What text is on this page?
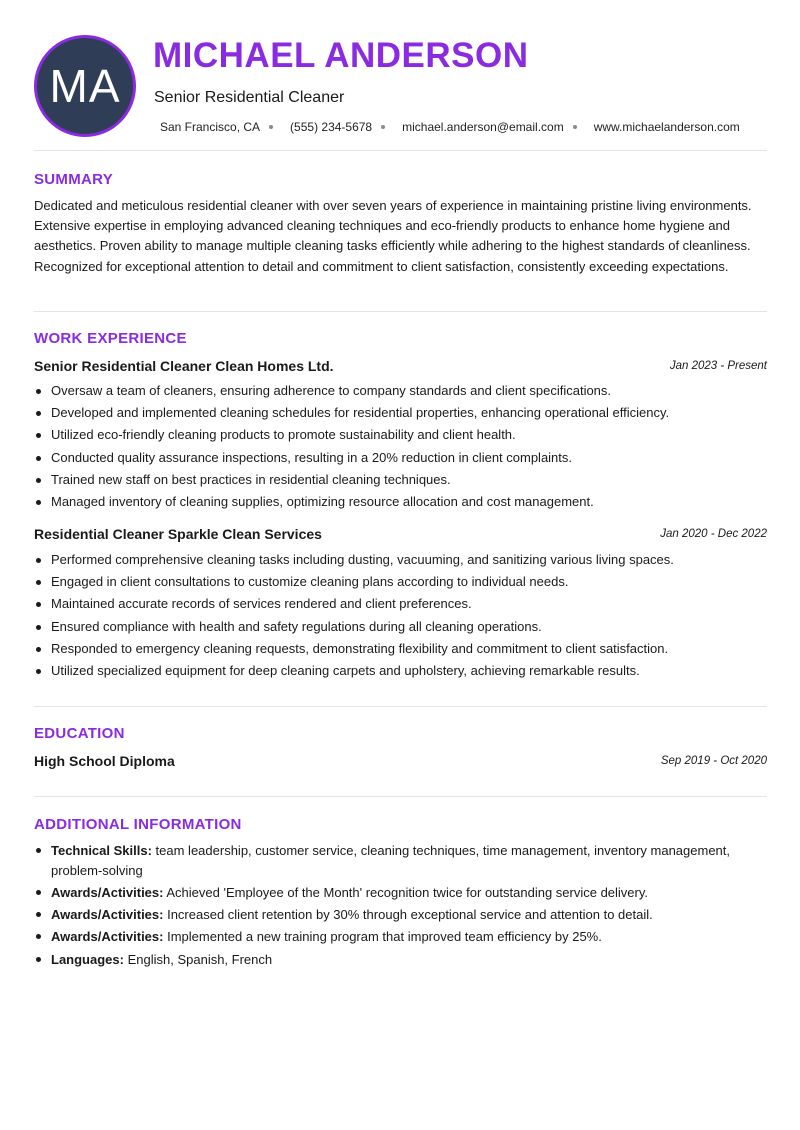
MA
MICHAEL ANDERSON
Senior Residential Cleaner
San Francisco, CA	(555) 234-5678	michael.anderson@email.com	www.michaelanderson.com
SUMMARY
Dedicated and meticulous residential cleaner with over seven years of experience in maintaining pristine living environments. Extensive expertise in employing advanced cleaning techniques and eco-friendly products to enhance home hygiene and aesthetics. Proven ability to manage multiple cleaning tasks efficiently while adhering to the highest standards of cleanliness. Recognized for exceptional attention to detail and commitment to client satisfaction, consistently exceeding expectations.
WORK EXPERIENCE
Senior Residential Cleaner Clean Homes Ltd.	Jan 2023 - Present
Oversaw a team of cleaners, ensuring adherence to company standards and client specifications.
Developed and implemented cleaning schedules for residential properties, enhancing operational efficiency.
Utilized eco-friendly cleaning products to promote sustainability and client health.
Conducted quality assurance inspections, resulting in a 20% reduction in client complaints.
Trained new staff on best practices in residential cleaning techniques.
Managed inventory of cleaning supplies, optimizing resource allocation and cost management.
Residential Cleaner Sparkle Clean Services	Jan 2020 - Dec 2022
Performed comprehensive cleaning tasks including dusting, vacuuming, and sanitizing various living spaces.
Engaged in client consultations to customize cleaning plans according to individual needs.
Maintained accurate records of services rendered and client preferences.
Ensured compliance with health and safety regulations during all cleaning operations.
Responded to emergency cleaning requests, demonstrating flexibility and commitment to client satisfaction.
Utilized specialized equipment for deep cleaning carpets and upholstery, achieving remarkable results.
EDUCATION
High School Diploma	Sep 2019 - Oct 2020
ADDITIONAL INFORMATION
Technical Skills: team leadership, customer service, cleaning techniques, time management, inventory management, problem-solving
Awards/Activities: Achieved 'Employee of the Month' recognition twice for outstanding service delivery.
Awards/Activities: Increased client retention by 30% through exceptional service and attention to detail.
Awards/Activities: Implemented a new training program that improved team efficiency by 25%.
Languages: English, Spanish, French
